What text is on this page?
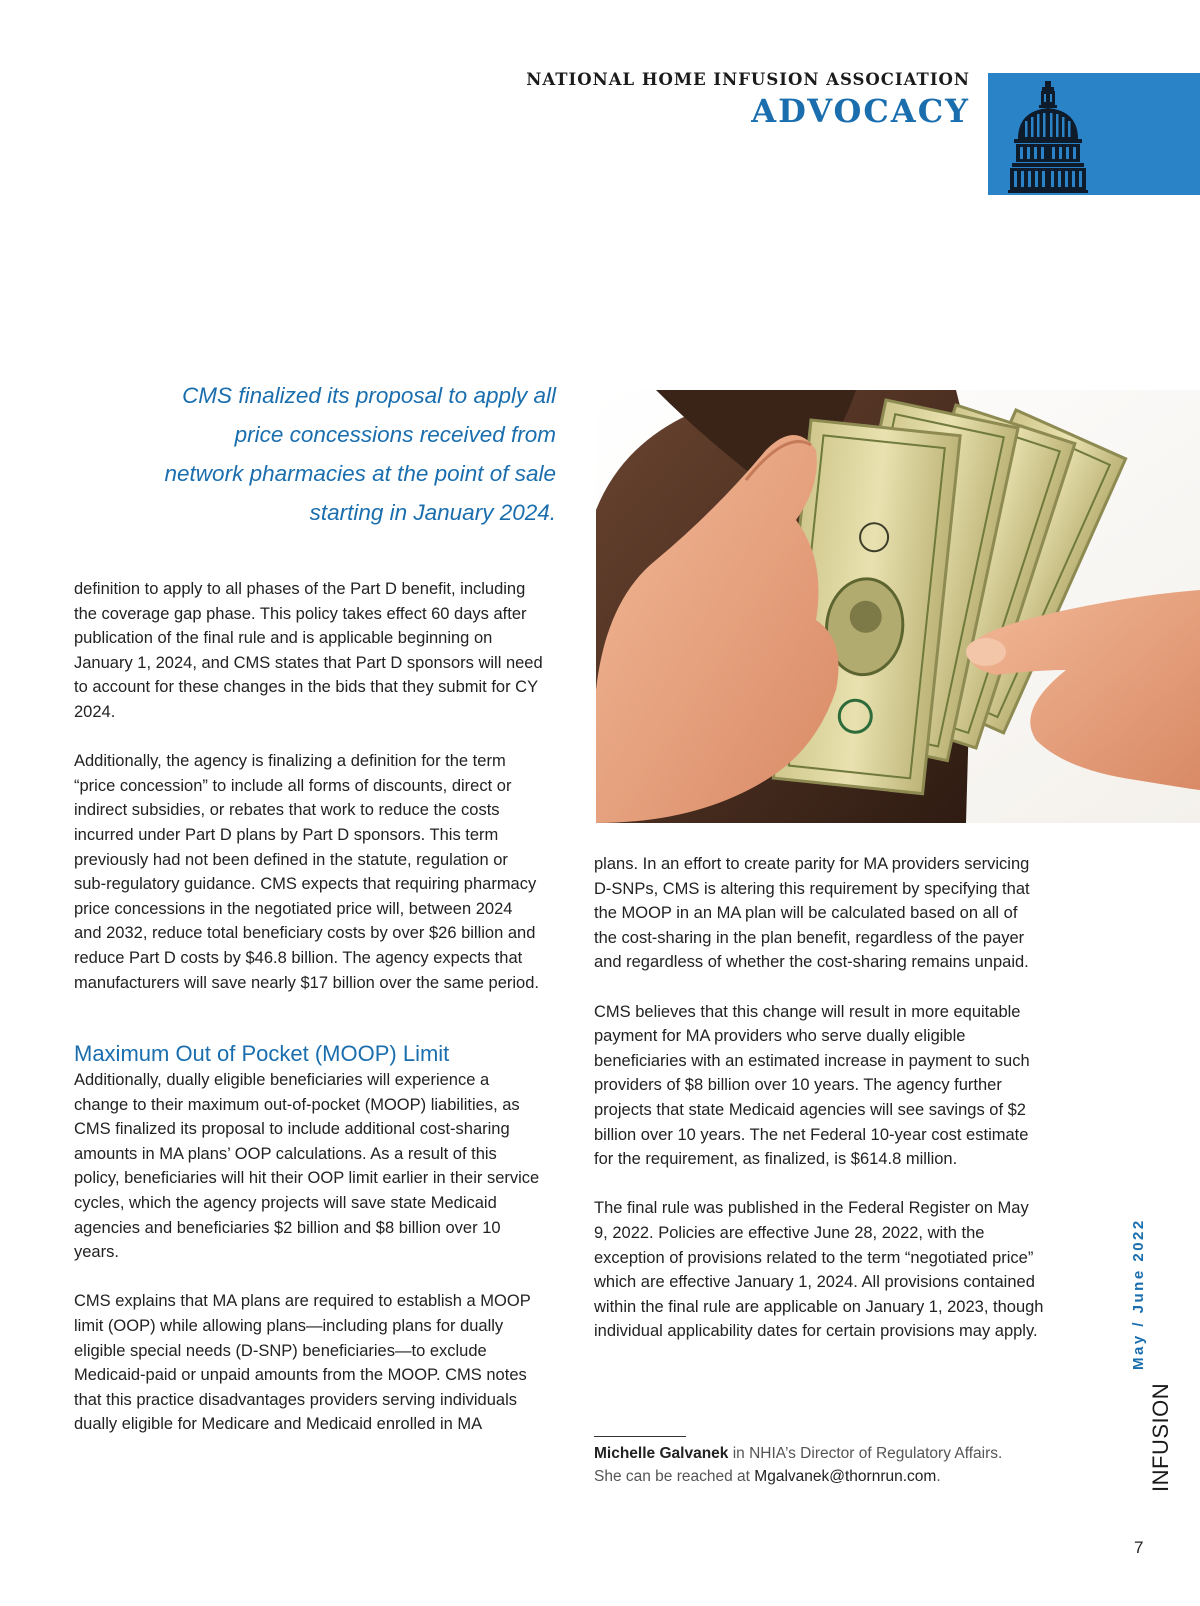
NATIONAL HOME INFUSION ASSOCIATION
ADVOCACY
CMS finalized its proposal to apply all price concessions received from network pharmacies at the point of sale starting in January 2024.

definition to apply to all phases of the Part D benefit, including the coverage gap phase. This policy takes effect 60 days after publication of the final rule and is applicable beginning on January 1, 2024, and CMS states that Part D sponsors will need to account for these changes in the bids that they submit for CY 2024.

Additionally, the agency is finalizing a definition for the term “price concession” to include all forms of discounts, direct or indirect subsidies, or rebates that work to reduce the costs incurred under Part D plans by Part D sponsors. This term previously had not been defined in the statute, regulation or sub-regulatory guidance. CMS expects that requiring pharmacy price concessions in the negotiated price will, between 2024 and 2032, reduce total beneficiary costs by over $26 billion and reduce Part D costs by $46.8 billion. The agency expects that manufacturers will save nearly $17 billion over the same period.

Maximum Out of Pocket (MOOP) Limit

Additionally, dually eligible beneficiaries will experience a change to their maximum out-of-pocket (MOOP) liabilities, as CMS finalized its proposal to include additional cost-sharing amounts in MA plans’ OOP calculations. As a result of this policy, beneficiaries will hit their OOP limit earlier in their service cycles, which the agency projects will save state Medicaid agencies and beneficiaries $2 billion and $8 billion over 10 years.

CMS explains that MA plans are required to establish a MOOP limit (OOP) while allowing plans—including plans for dually eligible special needs (D-SNP) beneficiaries—to exclude Medicaid-paid or unpaid amounts from the MOOP. CMS notes that this practice disadvantages providers serving individuals dually eligible for Medicare and Medicaid enrolled in MA

plans. In an effort to create parity for MA providers servicing D-SNPs, CMS is altering this requirement by specifying that the MOOP in an MA plan will be calculated based on all of the cost-sharing in the plan benefit, regardless of the payer and regardless of whether the cost-sharing remains unpaid.

CMS believes that this change will result in more equitable payment for MA providers who serve dually eligible beneficiaries with an estimated increase in payment to such providers of $8 billion over 10 years. The agency further projects that state Medicaid agencies will see savings of $2 billion over 10 years. The net Federal 10-year cost estimate for the requirement, as finalized, is $614.8 million.

The final rule was published in the Federal Register on May 9, 2022. Policies are effective June 28, 2022, with the exception of provisions related to the term “negotiated price” which are effective January 1, 2024. All provisions contained within the final rule are applicable on January 1, 2023, though individual applicability dates for certain provisions may apply.

Michelle Galvanek in NHIA’s Director of Regulatory Affairs.
She can be reached at Mgalvanek@thornrun.com.
May / June 2022
INFUSION
7
